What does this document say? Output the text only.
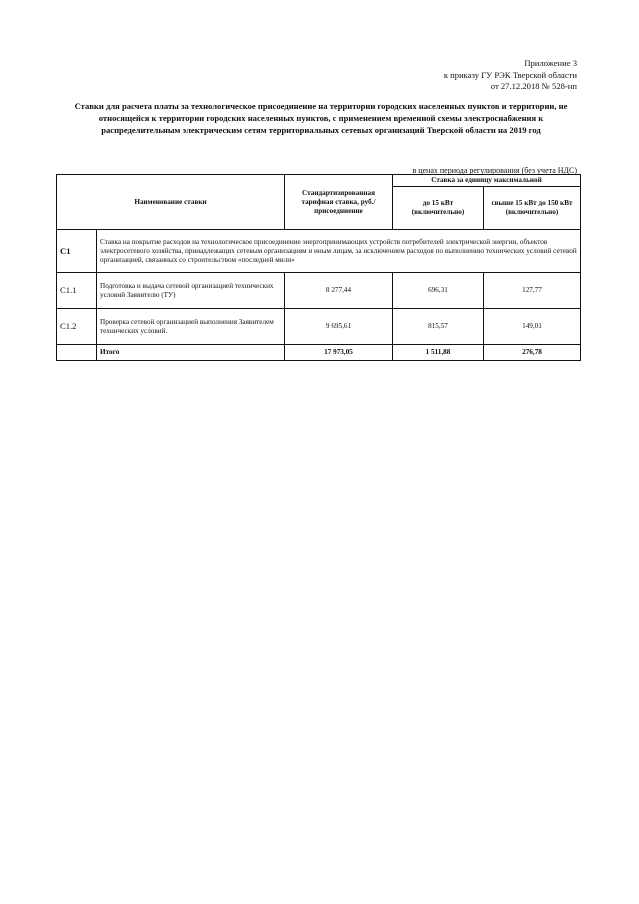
Приложение 3
к приказу ГУ РЭК Тверской области
от 27.12.2018 № 528-нп
Ставки для расчета платы за технологическое присоединение на территории городских населенных пунктов и территории, не относящейся к территории городских населенных пунктов, с применением временной схемы электроснабжения к распределительным электрическим сетям территориальных сетевых организаций Тверской области на 2019 год
в ценах периода регулирования (без учета НДС)
Наименование ставки		Стандартизированная тарифная ставка, руб./присоединение	Ставка за единицу максимальной	
			до 15 кВт (включительно)	свыше 15 кВт до 150 кВт (включительно)
С1	Ставка на покрытие расходов на технологическое присоединение энергопринимающих устройств потребителей электрической энергии, объектов электросетевого хозяйства, принадлежащих сетевым организациям и иным лицам, за исключением расходов по выполнению технических условий сетевой организацией, связанных со строительством «последней мили»			
С1.1	Подготовка и выдача сетевой организацией технических условий Заявителю (ТУ)	8 277,44	696,31	127,77
С1.2	Проверка сетевой организацией выполнения Заявителем технических условий.	9 695,61	815,57	149,01
	Итого	17 973,05	1 511,88	276,78
